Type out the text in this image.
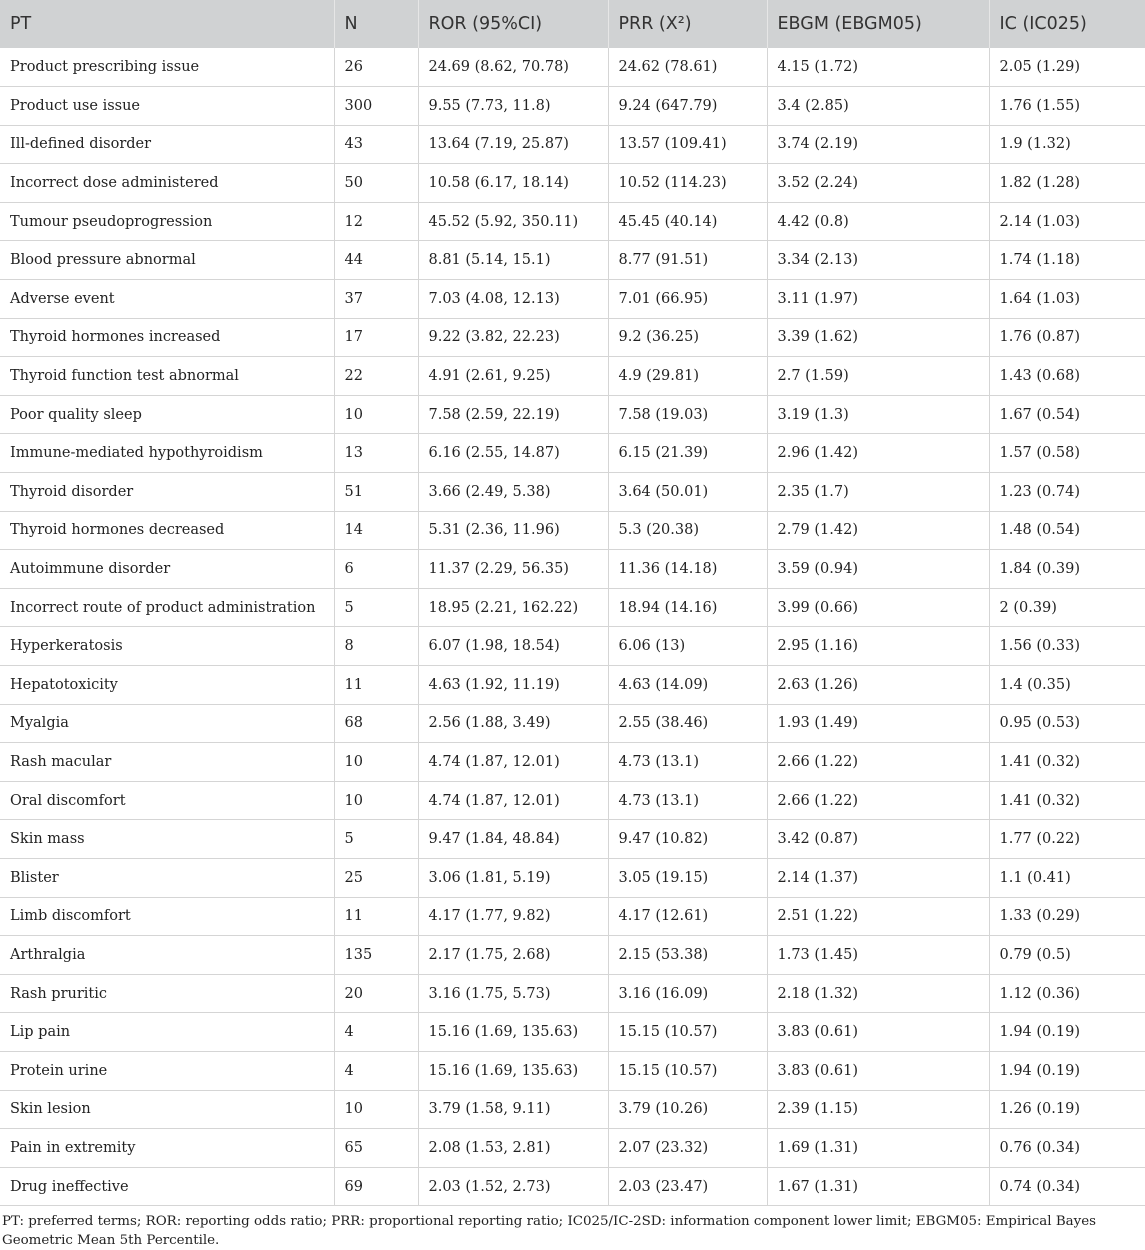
PT	N	ROR (95%CI)	PRR (X²)	EBGM (EBGM05)	IC (IC025)
Product prescribing issue	26	24.69 (8.62, 70.78)	24.62 (78.61)	4.15 (1.72)	2.05 (1.29)
Product use issue	300	9.55 (7.73, 11.8)	9.24 (647.79)	3.4 (2.85)	1.76 (1.55)
Ill-defined disorder	43	13.64 (7.19, 25.87)	13.57 (109.41)	3.74 (2.19)	1.9 (1.32)
Incorrect dose administered	50	10.58 (6.17, 18.14)	10.52 (114.23)	3.52 (2.24)	1.82 (1.28)
Tumour pseudoprogression	12	45.52 (5.92, 350.11)	45.45 (40.14)	4.42 (0.8)	2.14 (1.03)
Blood pressure abnormal	44	8.81 (5.14, 15.1)	8.77 (91.51)	3.34 (2.13)	1.74 (1.18)
Adverse event	37	7.03 (4.08, 12.13)	7.01 (66.95)	3.11 (1.97)	1.64 (1.03)
Thyroid hormones increased	17	9.22 (3.82, 22.23)	9.2 (36.25)	3.39 (1.62)	1.76 (0.87)
Thyroid function test abnormal	22	4.91 (2.61, 9.25)	4.9 (29.81)	2.7 (1.59)	1.43 (0.68)
Poor quality sleep	10	7.58 (2.59, 22.19)	7.58 (19.03)	3.19 (1.3)	1.67 (0.54)
Immune-mediated hypothyroidism	13	6.16 (2.55, 14.87)	6.15 (21.39)	2.96 (1.42)	1.57 (0.58)
Thyroid disorder	51	3.66 (2.49, 5.38)	3.64 (50.01)	2.35 (1.7)	1.23 (0.74)
Thyroid hormones decreased	14	5.31 (2.36, 11.96)	5.3 (20.38)	2.79 (1.42)	1.48 (0.54)
Autoimmune disorder	6	11.37 (2.29, 56.35)	11.36 (14.18)	3.59 (0.94)	1.84 (0.39)
Incorrect route of product administration	5	18.95 (2.21, 162.22)	18.94 (14.16)	3.99 (0.66)	2 (0.39)
Hyperkeratosis	8	6.07 (1.98, 18.54)	6.06 (13)	2.95 (1.16)	1.56 (0.33)
Hepatotoxicity	11	4.63 (1.92, 11.19)	4.63 (14.09)	2.63 (1.26)	1.4 (0.35)
Myalgia	68	2.56 (1.88, 3.49)	2.55 (38.46)	1.93 (1.49)	0.95 (0.53)
Rash macular	10	4.74 (1.87, 12.01)	4.73 (13.1)	2.66 (1.22)	1.41 (0.32)
Oral discomfort	10	4.74 (1.87, 12.01)	4.73 (13.1)	2.66 (1.22)	1.41 (0.32)
Skin mass	5	9.47 (1.84, 48.84)	9.47 (10.82)	3.42 (0.87)	1.77 (0.22)
Blister	25	3.06 (1.81, 5.19)	3.05 (19.15)	2.14 (1.37)	1.1 (0.41)
Limb discomfort	11	4.17 (1.77, 9.82)	4.17 (12.61)	2.51 (1.22)	1.33 (0.29)
Arthralgia	135	2.17 (1.75, 2.68)	2.15 (53.38)	1.73 (1.45)	0.79 (0.5)
Rash pruritic	20	3.16 (1.75, 5.73)	3.16 (16.09)	2.18 (1.32)	1.12 (0.36)
Lip pain	4	15.16 (1.69, 135.63)	15.15 (10.57)	3.83 (0.61)	1.94 (0.19)
Protein urine	4	15.16 (1.69, 135.63)	15.15 (10.57)	3.83 (0.61)	1.94 (0.19)
Skin lesion	10	3.79 (1.58, 9.11)	3.79 (10.26)	2.39 (1.15)	1.26 (0.19)
Pain in extremity	65	2.08 (1.53, 2.81)	2.07 (23.32)	1.69 (1.31)	0.76 (0.34)
Drug ineffective	69	2.03 (1.52, 2.73)	2.03 (23.47)	1.67 (1.31)	0.74 (0.34)

PT: preferred terms; ROR: reporting odds ratio; PRR: proportional reporting ratio; IC025/IC-2SD: information component lower limit; EBGM05: Empirical Bayes Geometric Mean 5th Percentile.
